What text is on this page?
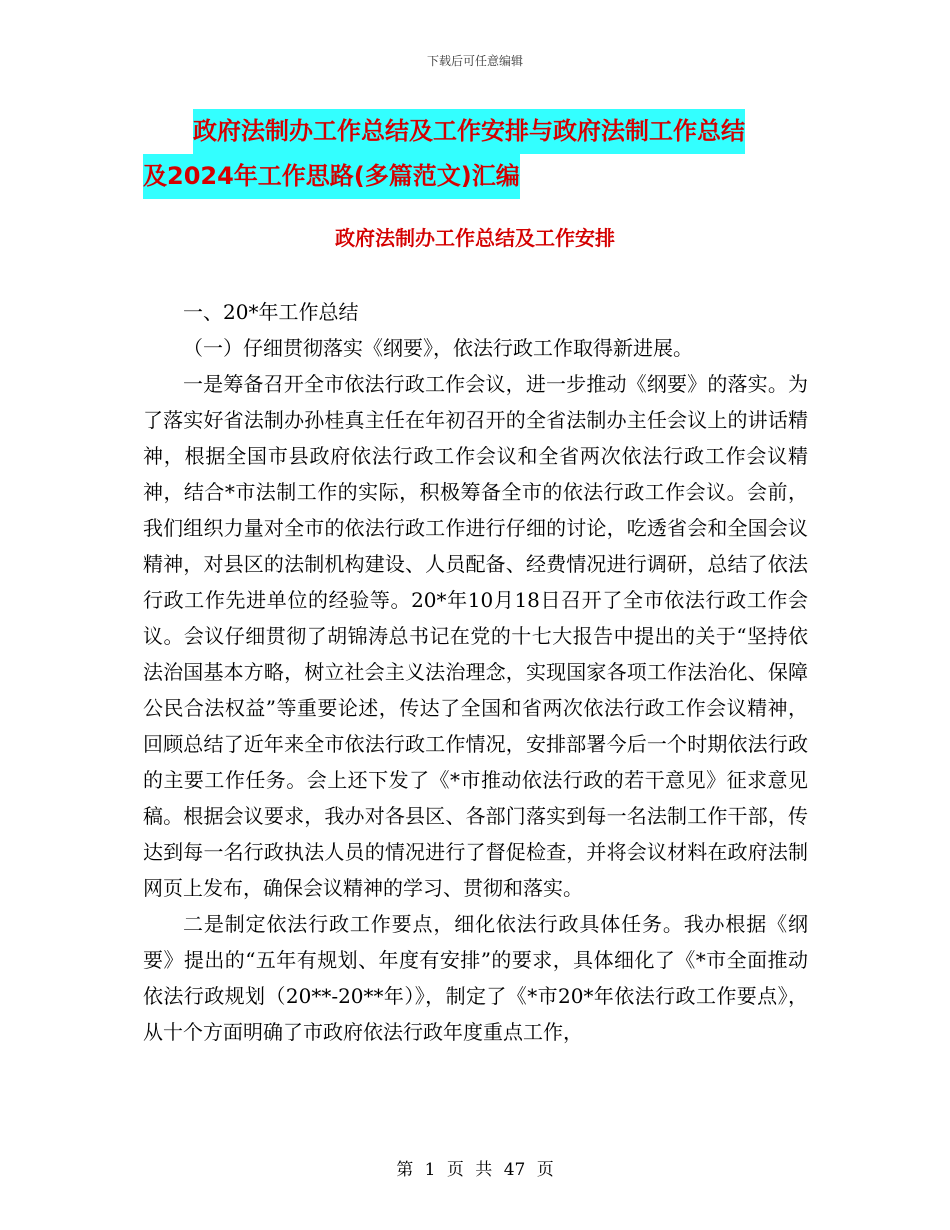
下载后可任意编辑
政府法制办工作总结及工作安排与政府法制工作总结
及2024年工作思路(多篇范文)汇编
政府法制办工作总结及工作安排

一、20*年工作总结

（一）仔细贯彻落实《纲要》，依法行政工作取得新进展。

一是筹备召开全市依法行政工作会议，进一步推动《纲要》的落实。为了落实好省法制办孙桂真主任在年初召开的全省法制办主任会议上的讲话精神，根据全国市县政府依法行政工作会议和全省两次依法行政工作会议精神，结合*市法制工作的实际，积极筹备全市的依法行政工作会议。会前，我们组织力量对全市的依法行政工作进行仔细的讨论，吃透省会和全国会议精神，对县区的法制机构建设、人员配备、经费情况进行调研，总结了依法行政工作先进单位的经验等。20*年10月18日召开了全市依法行政工作会议。会议仔细贯彻了胡锦涛总书记在党的十七大报告中提出的关于“坚持依法治国基本方略，树立社会主义法治理念，实现国家各项工作法治化、保障公民合法权益”等重要论述，传达了全国和省两次依法行政工作会议精神，回顾总结了近年来全市依法行政工作情况，安排部署今后一个时期依法行政的主要工作任务。会上还下发了《*市推动依法行政的若干意见》征求意见稿。根据会议要求，我办对各县区、各部门落实到每一名法制工作干部，传达到每一名行政执法人员的情况进行了督促检查，并将会议材料在政府法制网页上发布，确保会议精神的学习、贯彻和落实。

二是制定依法行政工作要点，细化依法行政具体任务。我办根据《纲要》提出的“五年有规划、年度有安排”的要求，具体细化了《*市全面推动依法行政规划（20**-20**年）》，制定了《*市20*年依法行政工作要点》，从十个方面明确了市政府依法行政年度重点工作，

第 1 页 共 47 页
